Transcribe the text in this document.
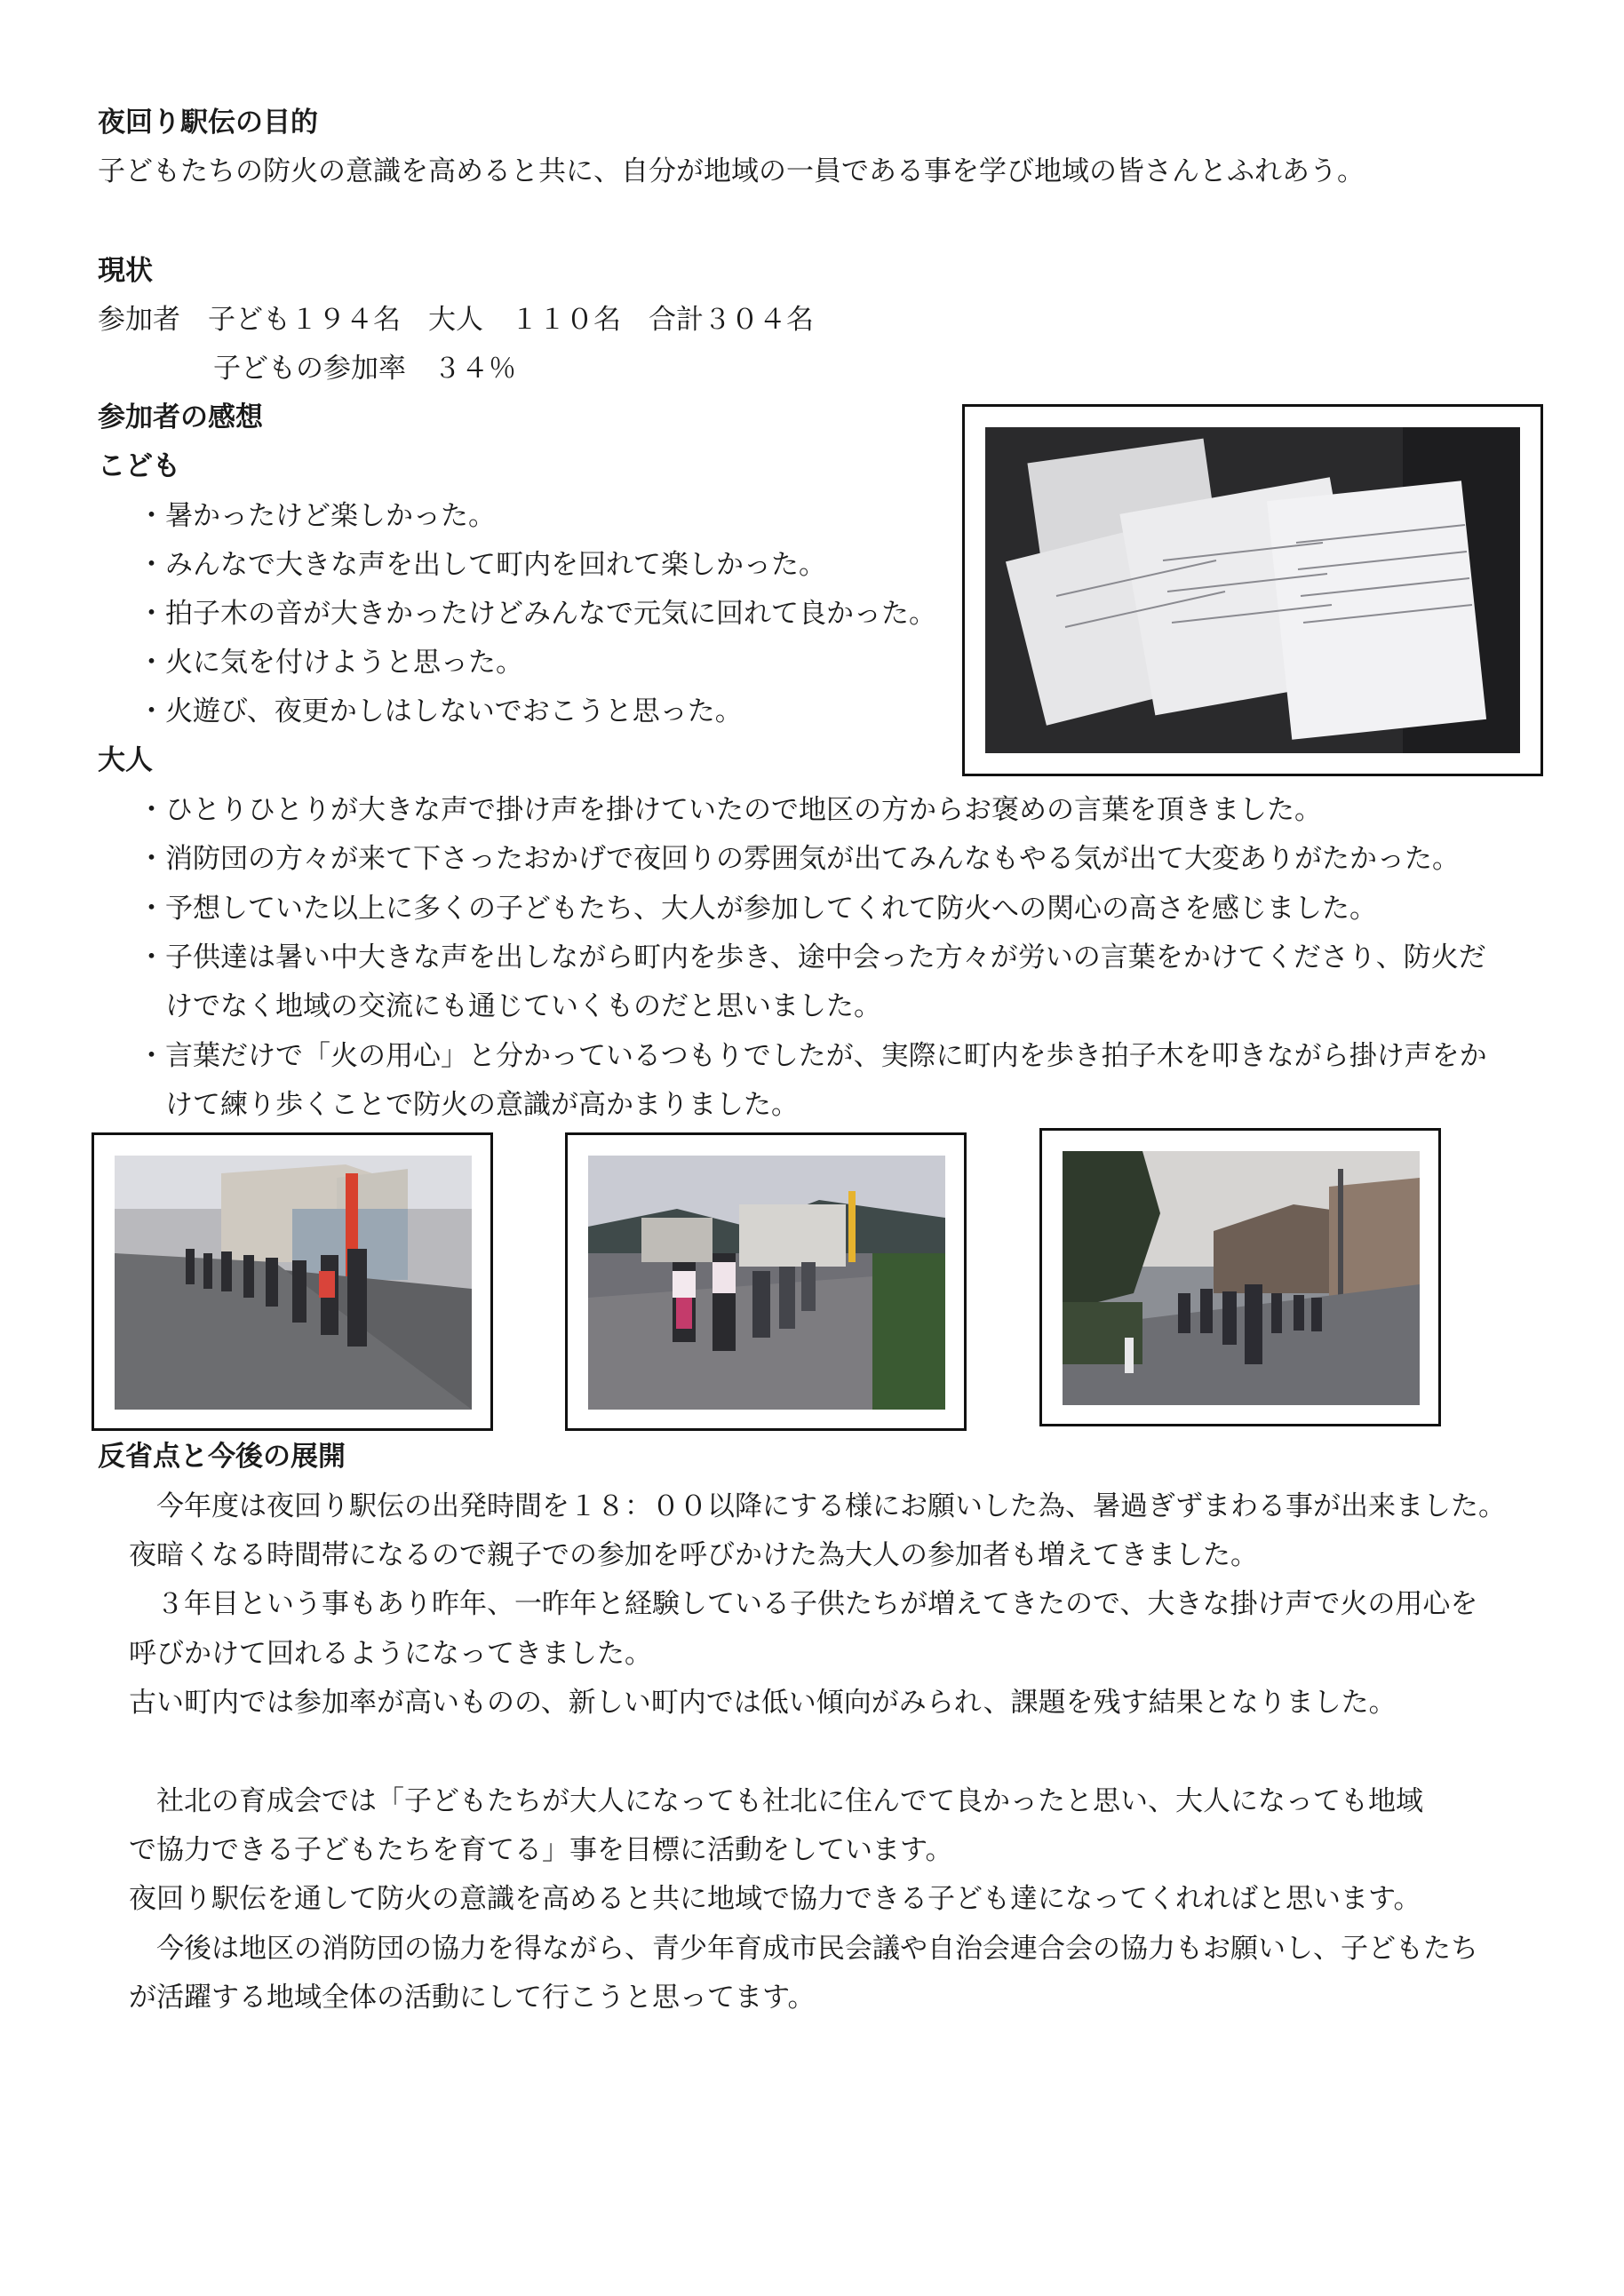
夜回り駅伝の目的
子どもたちの防火の意識を高めると共に、自分が地域の一員である事を学び地域の皆さんとふれあう。
現状
参加者　子ども１９４名　大人　１１０名　合計３０４名
子どもの参加率　３４％
参加者の感想
こども
・暑かったけど楽しかった。
・みんなで大きな声を出して町内を回れて楽しかった。
・拍子木の音が大きかったけどみんなで元気に回れて良かった。
・火に気を付けようと思った。
・火遊び、夜更かしはしないでおこうと思った。
大人
・ひとりひとりが大きな声で掛け声を掛けていたので地区の方からお褒めの言葉を頂きました。
・消防団の方々が来て下さったおかげで夜回りの雰囲気が出てみんなもやる気が出て大変ありがたかった。
・予想していた以上に多くの子どもたち、大人が参加してくれて防火への関心の高さを感じました。
・子供達は暑い中大きな声を出しながら町内を歩き、途中会った方々が労いの言葉をかけてくださり、防火だ
　けでなく地域の交流にも通じていくものだと思いました。
・言葉だけで「火の用心」と分かっているつもりでしたが、実際に町内を歩き拍子木を叩きながら掛け声をか
　けて練り歩くことで防火の意識が高かまりました。
反省点と今後の展開
　今年度は夜回り駅伝の出発時間を１８：００以降にする様にお願いした為、暑過ぎずまわる事が出来ました。
夜暗くなる時間帯になるので親子での参加を呼びかけた為大人の参加者も増えてきました。
　３年目という事もあり昨年、一昨年と経験している子供たちが増えてきたので、大きな掛け声で火の用心を
呼びかけて回れるようになってきました。
古い町内では参加率が高いものの、新しい町内では低い傾向がみられ、課題を残す結果となりました。
　社北の育成会では「子どもたちが大人になっても社北に住んでて良かったと思い、大人になっても地域
で協力できる子どもたちを育てる」事を目標に活動をしています。
夜回り駅伝を通して防火の意識を高めると共に地域で協力できる子ども達になってくれればと思います。
　今後は地区の消防団の協力を得ながら、青少年育成市民会議や自治会連合会の協力もお願いし、子どもたち
が活躍する地域全体の活動にして行こうと思ってます。
